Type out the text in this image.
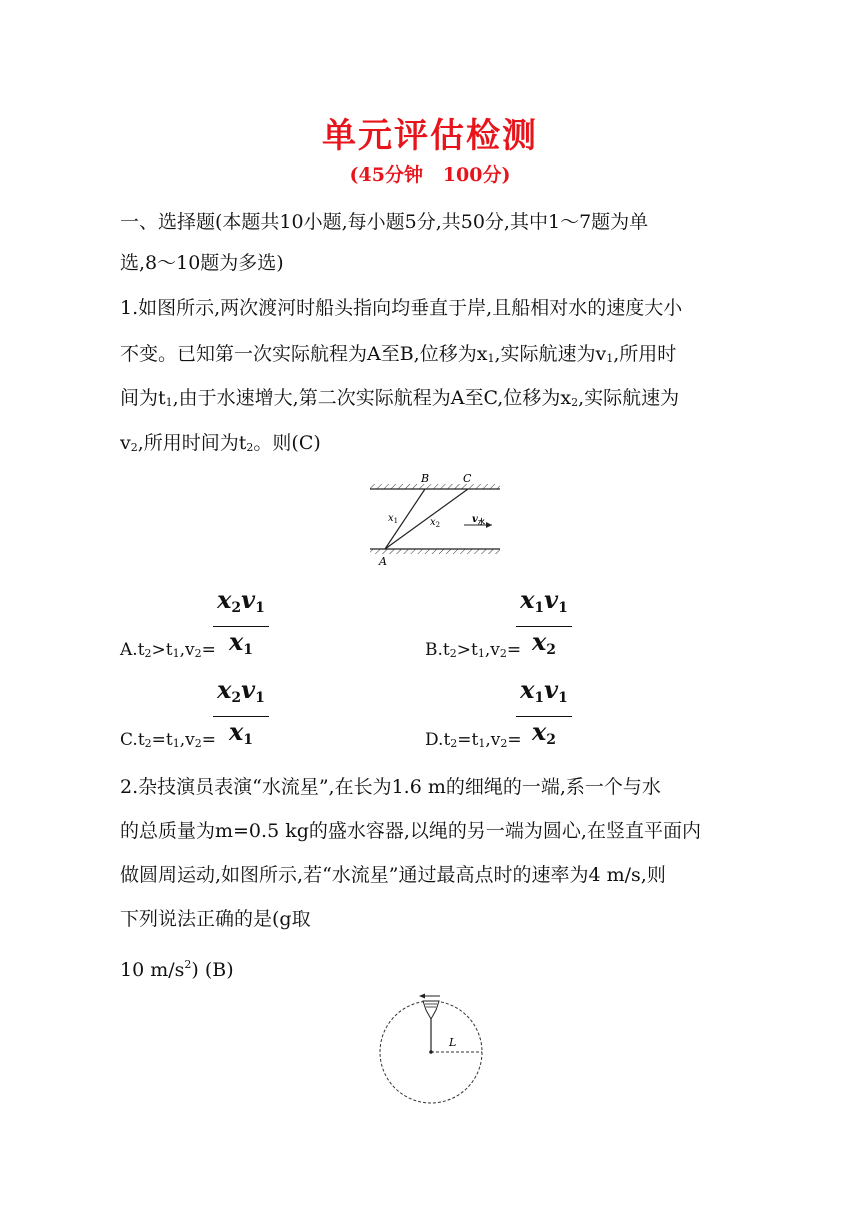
单元评估检测
(45分钟   100分)
一、选择题(本题共10小题,每小题5分,共50分,其中1～7题为单
选,8～10题为多选)
1.如图所示,两次渡河时船头指向均垂直于岸,且船相对水的速度大小
不变。已知第一次实际航程为A至B,位移为$x_1$,实际航速为$v_1$,所用时
间为$t_1$,由于水速增大,第二次实际航程为A至C,位移为$x_2$,实际航速为
$v_2$,所用时间为$t_2$。则(C)
B	C
A
$x_1$	$x_2$	$v_水$
$\frac{x_2v_1}{x_1}$	$\frac{x_1v_1}{x_2}$
$\frac{x_2v_1}{x_1}$	$\frac{x_1v_1}{x_2}$
$A.t_2>t_1,v_2=$	$B.t_2>t_1,v_2=$
$C.t_2=t_1,v_2=$	$D.t_2=t_1,v_2=$
2.杂技演员表演“水流星”,在长为1.6 m的细绳的一端,系一个与水
的总质量为m=0.5 kg的盛水容器,以绳的另一端为圆心,在竖直平面内
做圆周运动,如图所示,若“水流星”通过最高点时的速率为4 m/s,则
下列说法正确的是(g取
10 $m/s^2$) (B)
L
